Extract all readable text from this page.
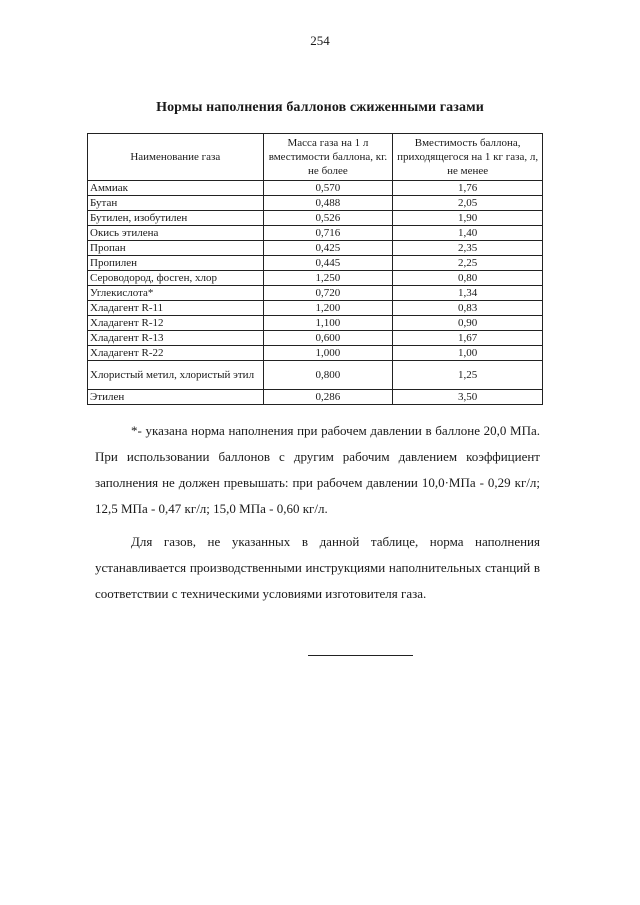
254
Нормы наполнения баллонов сжиженными газами
Наименование газа	Масса газа на 1 л вместимости баллона, кг. не более	Вместимость баллона, приходящегося на 1 кг газа, л, не менее
Аммиак	0,570	1,76
Бутан	0,488	2,05
Бутилен, изобутилен	0,526	1,90
Окись этилена	0,716	1,40
Пропан	0,425	2,35
Пропилен	0,445	2,25
Сероводород, фосген, хлор	1,250	0,80
Углекислота*	0,720	1,34
Хладагент R-11	1,200	0,83
Хладагент R-12	1,100	0,90
Хладагент R-13	0,600	1,67
Хладагент R-22	1,000	1,00
Хлористый метил, хлористый этил	0,800	1,25
Этилен	0,286	3,50
*- указана норма наполнения при рабочем давлении в баллоне 20,0 МПа. При использовании баллонов с другим рабочим давлением коэффициент заполнения не должен превышать: при рабочем давлении 10,0·МПа - 0,29 кг/л; 12,5 МПа - 0,47 кг/л; 15,0 МПа - 0,60 кг/л.
Для газов, не указанных в данной таблице, норма наполнения устанавливается производственными инструкциями наполнительных станций в соответствии с техническими условиями изготовителя газа.
